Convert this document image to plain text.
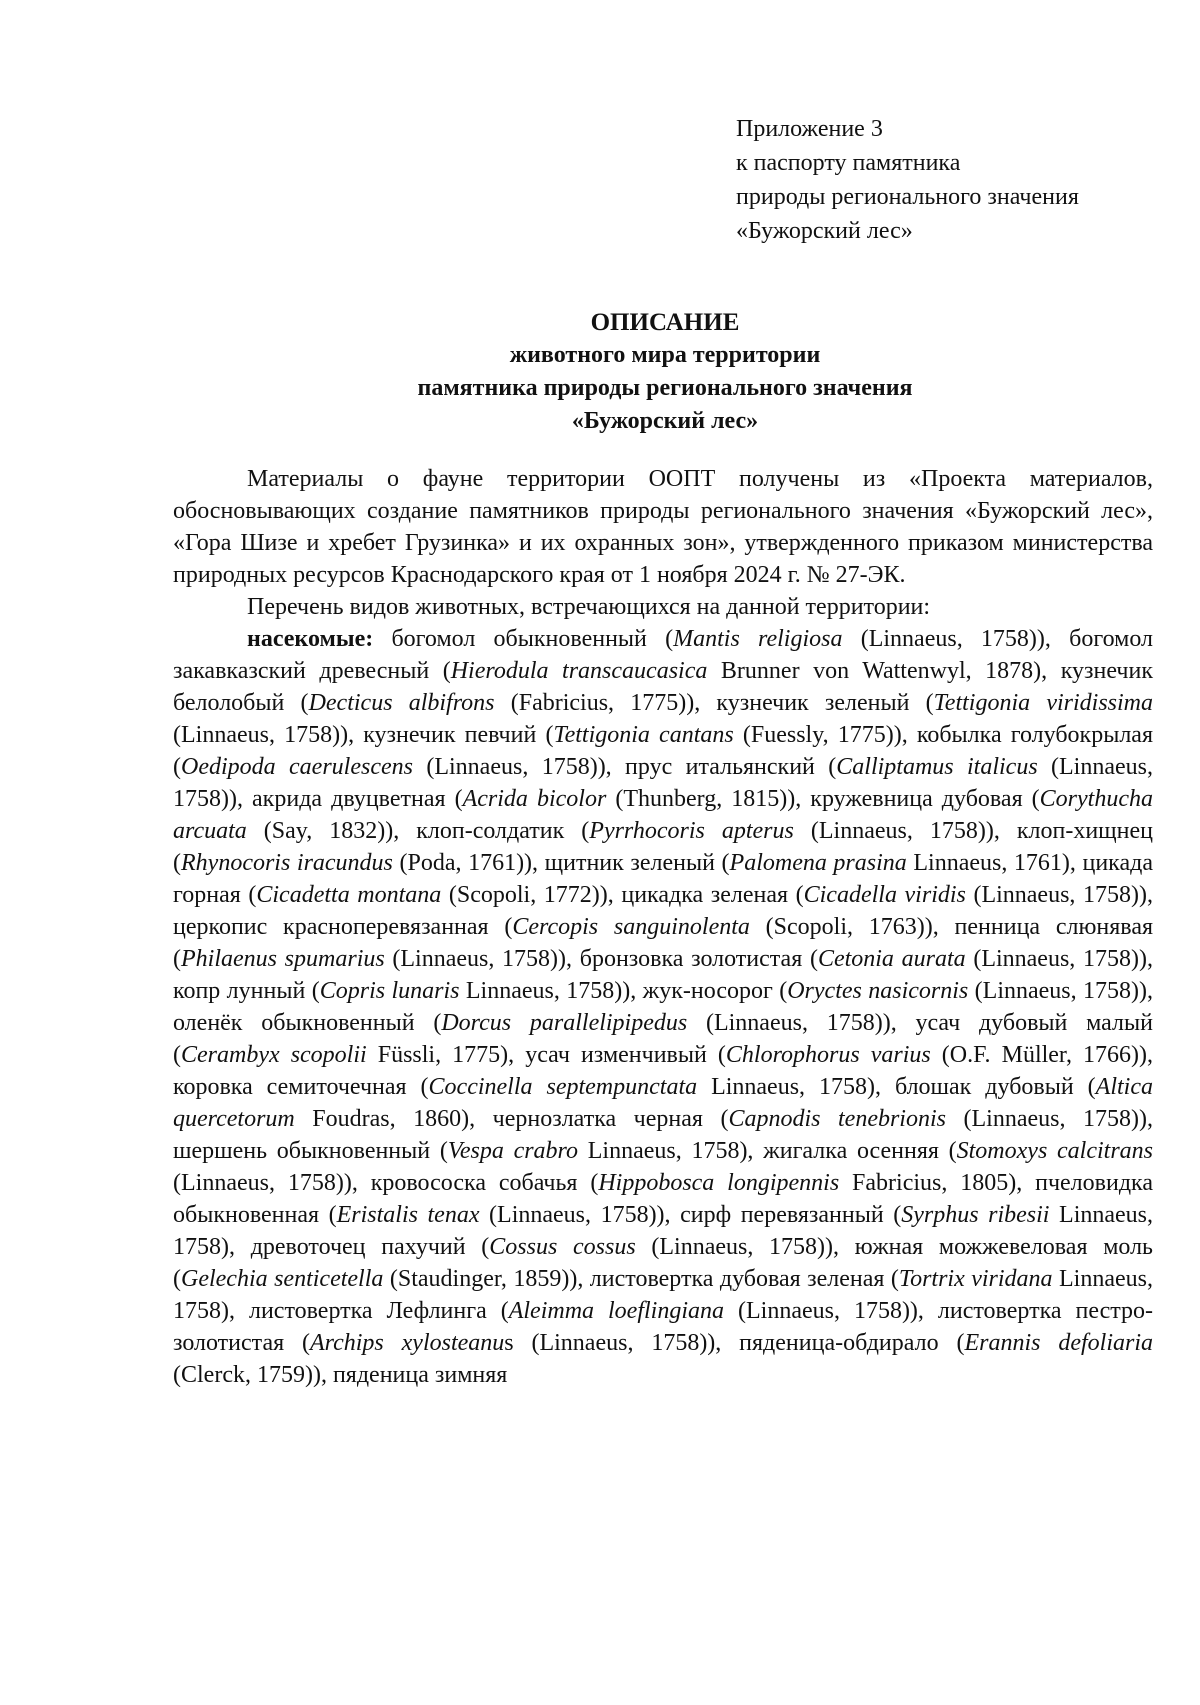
Приложение 3
к паспорту памятника
природы регионального значения
«Бужорский лес»
ОПИСАНИЕ
животного мира территории
памятника природы регионального значения
«Бужорский лес»

Материалы о фауне территории ООПТ получены из «Проекта материалов, обосновывающих создание памятников природы регионального значения «Бужорский лес», «Гора Шизе и хребет Грузинка» и их охранных зон», утвержденного приказом министерства природных ресурсов Краснодарского края от 1 ноября 2024 г. № 27-ЭК.

Перечень видов животных, встречающихся на данной территории:

насекомые: богомол обыкновенный (Mantis religiosa (Linnaeus, 1758)), богомол закавказский древесный (Hierodula transcaucasica Brunner von Wattenwyl, 1878), кузнечик белолобый (Decticus albifrons (Fabricius, 1775)), кузнечик зеленый (Tettigonia viridissima (Linnaeus, 1758)), кузнечик певчий (Tettigonia cantans (Fuessly, 1775)), кобылка голубокрылая (Oedipoda caerulescens (Linnaeus, 1758)), прус итальянский (Calliptamus italicus (Linnaeus, 1758)), акрида двуцветная (Acrida bicolor (Thunberg, 1815)), кружевница дубовая (Corythucha arcuata (Say, 1832)), клоп-солдатик (Pyrrhocoris apterus (Linnaeus, 1758)), клоп-хищнец (Rhynocoris iracundus (Poda, 1761)), щитник зеленый (Palomena prasina Linnaeus, 1761), цикада горная (Cicadetta montana (Scopoli, 1772)), цикадка зеленая (Cicadella viridis (Linnaeus, 1758)), церкопис красноперевязанная (Cercopis sanguinolenta (Scopoli, 1763)), пенница слюнявая (Philaenus spumarius (Linnaeus, 1758)), бронзовка золотистая (Cetonia aurata (Linnaeus, 1758)), копр лунный (Copris lunaris Linnaeus, 1758)), жук-носорог (Oryctes nasicornis (Linnaeus, 1758)), оленёк обыкновенный (Dorcus parallelipipedus (Linnaeus, 1758)), усач дубовый малый (Cerambyx scopolii Füssli, 1775), усач изменчивый (Chlorophorus varius (O.F. Müller, 1766)), коровка семиточечная (Coccinella septempunctata Linnaeus, 1758), блошак дубовый (Altica quercetorum Foudras, 1860), чернозлатка черная (Capnodis tenebrionis (Linnaeus, 1758)), шершень обыкновенный (Vespa crabro Linnaeus, 1758), жигалка осенняя (Stomoxys calcitrans (Linnaeus, 1758)), кровососка собачья (Hippobosca longipennis Fabricius, 1805), пчеловидка обыкновенная (Eristalis tenax (Linnaeus, 1758)), сирф перевязанный (Syrphus ribesii Linnaeus, 1758), древоточец пахучий (Cossus cossus (Linnaeus, 1758)), южная можжевеловая моль (Gelechia senticetella (Staudinger, 1859)), листовертка дубовая зеленая (Tortrix viridana Linnaeus, 1758), листовертка Лефлинга (Aleimma loeflingiana (Linnaeus, 1758)), листовертка пестро-золотистая (Archips xylosteanus (Linnaeus, 1758)), пяденица-обдирало (Erannis defoliaria (Clerck, 1759)), пяденица зимняя
